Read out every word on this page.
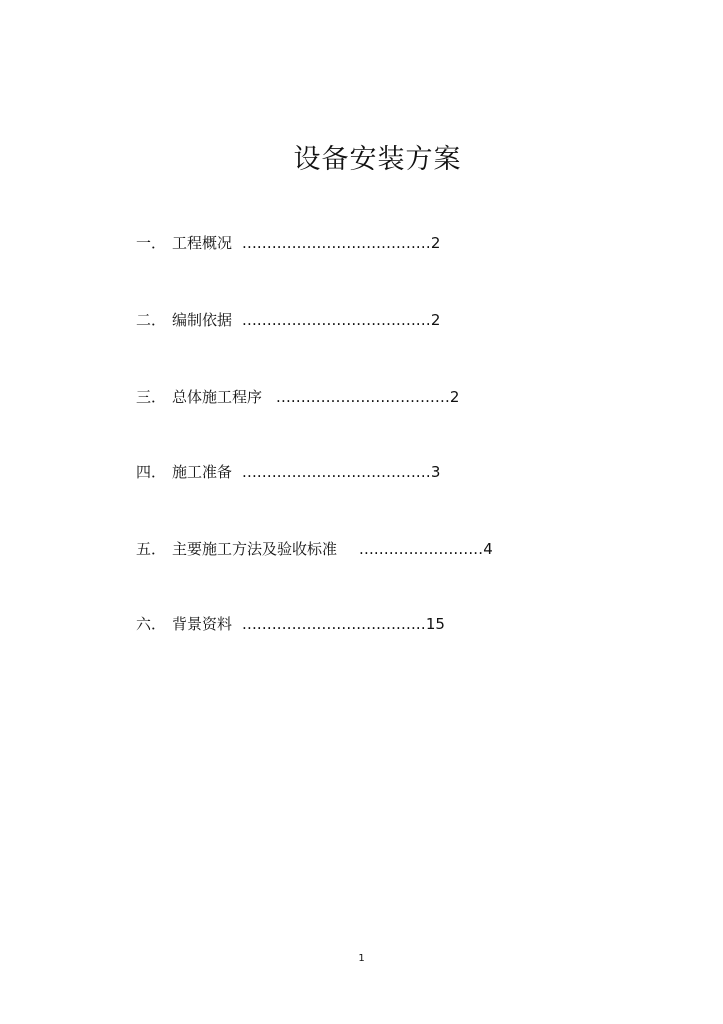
设备安装方案
一． 工程概况 ......................................2
二． 编制依据 ......................................2
三． 总体施工程序 ...................................2
四． 施工准备 ......................................3
五． 主要施工方法及验收标准 .........................4
六． 背景资料 .....................................15
1
